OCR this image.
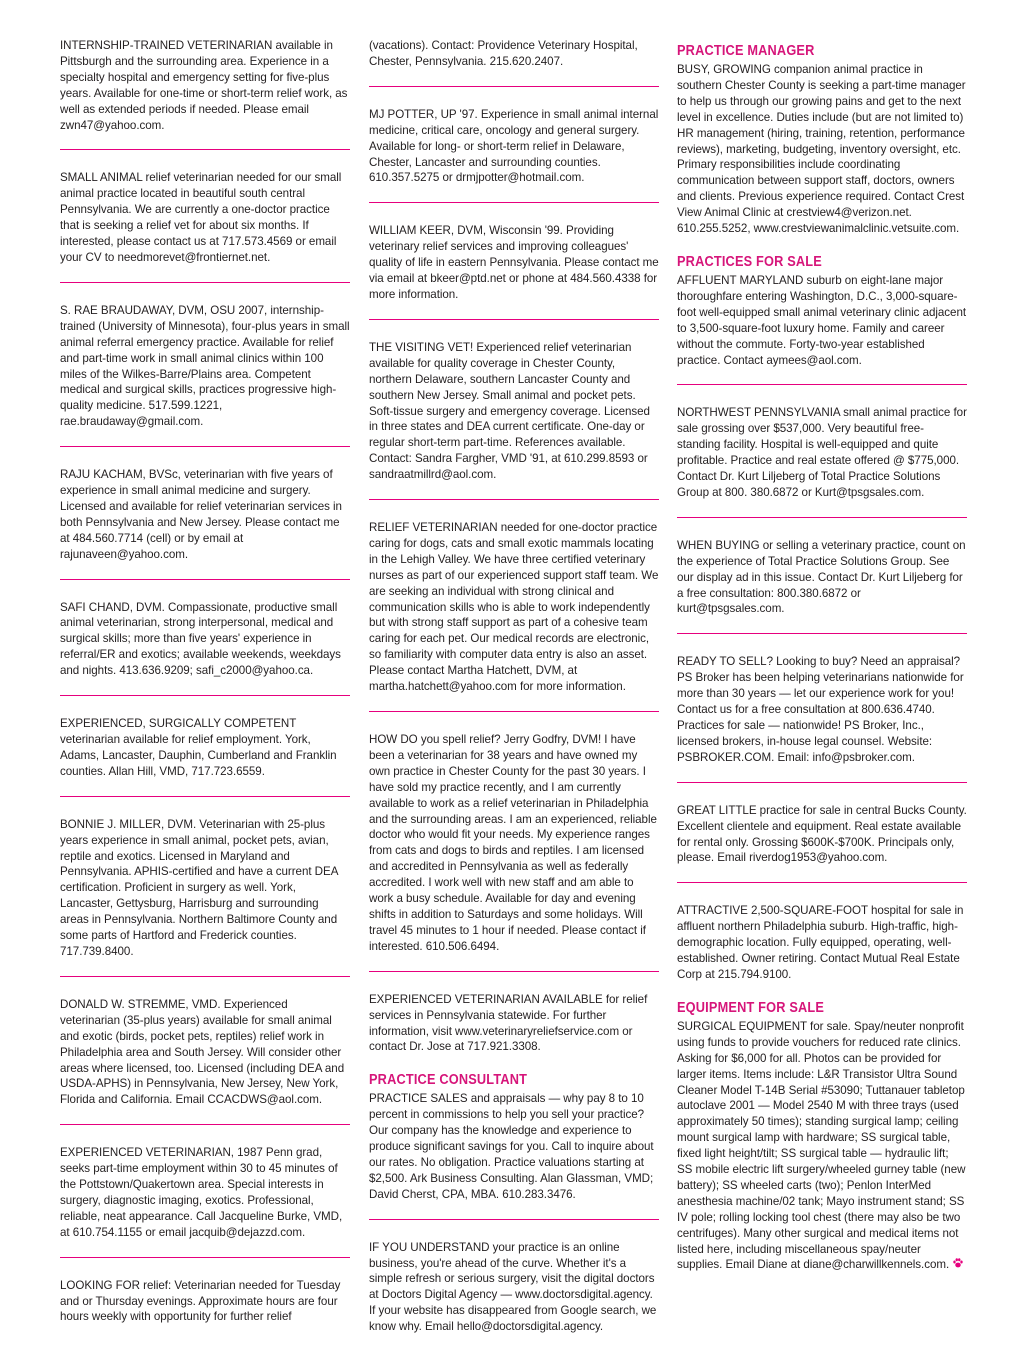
INTERNSHIP-TRAINED VETERINARIAN available in Pittsburgh and the surrounding area. Experience in a specialty hospital and emergency setting for five-plus years. Available for one-time or short-term relief work, as well as extended periods if needed. Please email zwn47@yahoo.com.

SMALL ANIMAL relief veterinarian needed for our small animal practice located in beautiful south central Pennsylvania. We are currently a one-doctor practice that is seeking a relief vet for about six months. If interested, please contact us at 717.573.4569 or email your CV to needmorevet@frontiernet.net.

S. RAE BRAUDAWAY, DVM, OSU 2007, internship-trained (University of Minnesota), four-plus years in small animal referral emergency practice. Available for relief and part-time work in small animal clinics within 100 miles of the Wilkes-Barre/Plains area. Competent medical and surgical skills, practices progressive high-quality medicine. 517.599.1221, rae.braudaway@gmail.com.

RAJU KACHAM, BVSc, veterinarian with five years of experience in small animal medicine and surgery. Licensed and available for relief veterinarian services in both Pennsylvania and New Jersey. Please contact me at 484.560.7714 (cell) or by email at rajunaveen@yahoo.com.

SAFI CHAND, DVM. Compassionate, productive small animal veterinarian, strong interpersonal, medical and surgical skills; more than five years' experience in referral/ER and exotics; available weekends, weekdays and nights. 413.636.9209; safi_c2000@yahoo.ca.

EXPERIENCED, SURGICALLY COMPETENT veterinarian available for relief employment. York, Adams, Lancaster, Dauphin, Cumberland and Franklin counties. Allan Hill, VMD, 717.723.6559.

BONNIE J. MILLER, DVM. Veterinarian with 25-plus years experience in small animal, pocket pets, avian, reptile and exotics. Licensed in Maryland and Pennsylvania. APHIS-certified and have a current DEA certification. Proficient in surgery as well. York, Lancaster, Gettysburg, Harrisburg and surrounding areas in Pennsylvania. Northern Baltimore County and some parts of Hartford and Frederick counties. 717.739.8400.

DONALD W. STREMME, VMD. Experienced veterinarian (35-plus years) available for small animal and exotic (birds, pocket pets, reptiles) relief work in Philadelphia area and South Jersey. Will consider other areas where licensed, too. Licensed (including DEA and USDA-APHS) in Pennsylvania, New Jersey, New York, Florida and California. Email CCACDWS@aol.com.

EXPERIENCED VETERINARIAN, 1987 Penn grad, seeks part-time employment within 30 to 45 minutes of the Pottstown/Quakertown area. Special interests in surgery, diagnostic imaging, exotics. Professional, reliable, neat appearance. Call Jacqueline Burke, VMD, at 610.754.1155 or email jacquib@dejazzd.com.

LOOKING FOR relief: Veterinarian needed for Tuesday and or Thursday evenings. Approximate hours are four hours weekly with opportunity for further relief

(vacations). Contact: Providence Veterinary Hospital, Chester, Pennsylvania. 215.620.2407.

MJ POTTER, UP '97. Experience in small animal internal medicine, critical care, oncology and general surgery. Available for long- or short-term relief in Delaware, Chester, Lancaster and surrounding counties. 610.357.5275 or drmjpotter@hotmail.com.

WILLIAM KEER, DVM, Wisconsin '99. Providing veterinary relief services and improving colleagues' quality of life in eastern Pennsylvania. Please contact me via email at bkeer@ptd.net or phone at 484.560.4338 for more information.

THE VISITING VET! Experienced relief veterinarian available for quality coverage in Chester County, northern Delaware, southern Lancaster County and southern New Jersey. Small animal and pocket pets. Soft-tissue surgery and emergency coverage. Licensed in three states and DEA current certificate. One-day or regular short-term part-time. References available. Contact: Sandra Fargher, VMD '91, at 610.299.8593 or sandraatmillrd@aol.com.

RELIEF VETERINARIAN needed for one-doctor practice caring for dogs, cats and small exotic mammals locating in the Lehigh Valley. We have three certified veterinary nurses as part of our experienced support staff team. We are seeking an individual with strong clinical and communication skills who is able to work independently but with strong staff support as part of a cohesive team caring for each pet. Our medical records are electronic, so familiarity with computer data entry is also an asset. Please contact Martha Hatchett, DVM, at martha.hatchett@yahoo.com for more information.

HOW DO you spell relief? Jerry Godfry, DVM! I have been a veterinarian for 38 years and have owned my own practice in Chester County for the past 30 years. I have sold my practice recently, and I am currently available to work as a relief veterinarian in Philadelphia and the surrounding areas. I am an experienced, reliable doctor who would fit your needs. My experience ranges from cats and dogs to birds and reptiles. I am licensed and accredited in Pennsylvania as well as federally accredited. I work well with new staff and am able to work a busy schedule. Available for day and evening shifts in addition to Saturdays and some holidays. Will travel 45 minutes to 1 hour if needed. Please contact if interested. 610.506.6494.

EXPERIENCED VETERINARIAN AVAILABLE for relief services in Pennsylvania statewide. For further information, visit www.veterinaryreliefservice.com or contact Dr. Jose at 717.921.3308.

PRACTICE CONSULTANT

PRACTICE SALES and appraisals — why pay 8 to 10 percent in commissions to help you sell your practice? Our company has the knowledge and experience to produce significant savings for you. Call to inquire about our rates. No obligation. Practice valuations starting at $2,500. Ark Business Consulting. Alan Glassman, VMD; David Cherst, CPA, MBA. 610.283.3476.

IF YOU UNDERSTAND your practice is an online business, you're ahead of the curve. Whether it's a simple refresh or serious surgery, visit the digital doctors at Doctors Digital Agency — www.doctorsdigital.agency. If your website has disappeared from Google search, we know why. Email hello@doctorsdigital.agency.

PRACTICE MANAGER

BUSY, GROWING companion animal practice in southern Chester County is seeking a part-time manager to help us through our growing pains and get to the next level in excellence. Duties include (but are not limited to) HR management (hiring, training, retention, performance reviews), marketing, budgeting, inventory oversight, etc. Primary responsibilities include coordinating communication between support staff, doctors, owners and clients. Previous experience required. Contact Crest View Animal Clinic at crestview4@verizon.net. 610.255.5252, www.crestviewanimalclinic.vetsuite.com.

PRACTICES FOR SALE

AFFLUENT MARYLAND suburb on eight-lane major thoroughfare entering Washington, D.C., 3,000-square-foot well-equipped small animal veterinary clinic adjacent to 3,500-square-foot luxury home. Family and career without the commute. Forty-two-year established practice. Contact aymees@aol.com.

NORTHWEST PENNSYLVANIA small animal practice for sale grossing over $537,000. Very beautiful free-standing facility. Hospital is well-equipped and quite profitable. Practice and real estate offered @ $775,000. Contact Dr. Kurt Liljeberg of Total Practice Solutions Group at 800. 380.6872 or Kurt@tpsgsales.com.

WHEN BUYING or selling a veterinary practice, count on the experience of Total Practice Solutions Group. See our display ad in this issue. Contact Dr. Kurt Liljeberg for a free consultation: 800.380.6872 or kurt@tpsgsales.com.

READY TO SELL? Looking to buy? Need an appraisal? PS Broker has been helping veterinarians nationwide for more than 30 years — let our experience work for you! Contact us for a free consultation at 800.636.4740. Practices for sale — nationwide! PS Broker, Inc., licensed brokers, in-house legal counsel. Website: PSBROKER.COM. Email: info@psbroker.com.

GREAT LITTLE practice for sale in central Bucks County. Excellent clientele and equipment. Real estate available for rental only. Grossing $600K-$700K. Principals only, please. Email riverdog1953@yahoo.com.

ATTRACTIVE 2,500-SQUARE-FOOT hospital for sale in affluent northern Philadelphia suburb. High-traffic, high-demographic location. Fully equipped, operating, well-established. Owner retiring. Contact Mutual Real Estate Corp at 215.794.9100.

EQUIPMENT FOR SALE

SURGICAL EQUIPMENT for sale. Spay/neuter nonprofit using funds to provide vouchers for reduced rate clinics. Asking for $6,000 for all. Photos can be provided for larger items. Items include: L&R Transistor Ultra Sound Cleaner Model T-14B Serial #53090; Tuttanauer tabletop autoclave 2001 — Model 2540 M with three trays (used approximately 50 times); standing surgical lamp; ceiling mount surgical lamp with hardware; SS surgical table, fixed light height/tilt; SS surgical table — hydraulic lift; SS mobile electric lift surgery/wheeled gurney table (new battery); SS wheeled carts (two); Penlon InterMed anesthesia machine/02 tank; Mayo instrument stand; SS IV pole; rolling locking tool chest (there may also be two centrifuges). Many other surgical and medical items not listed here, including miscellaneous spay/neuter supplies. Email Diane at diane@charwillkennels.com.
